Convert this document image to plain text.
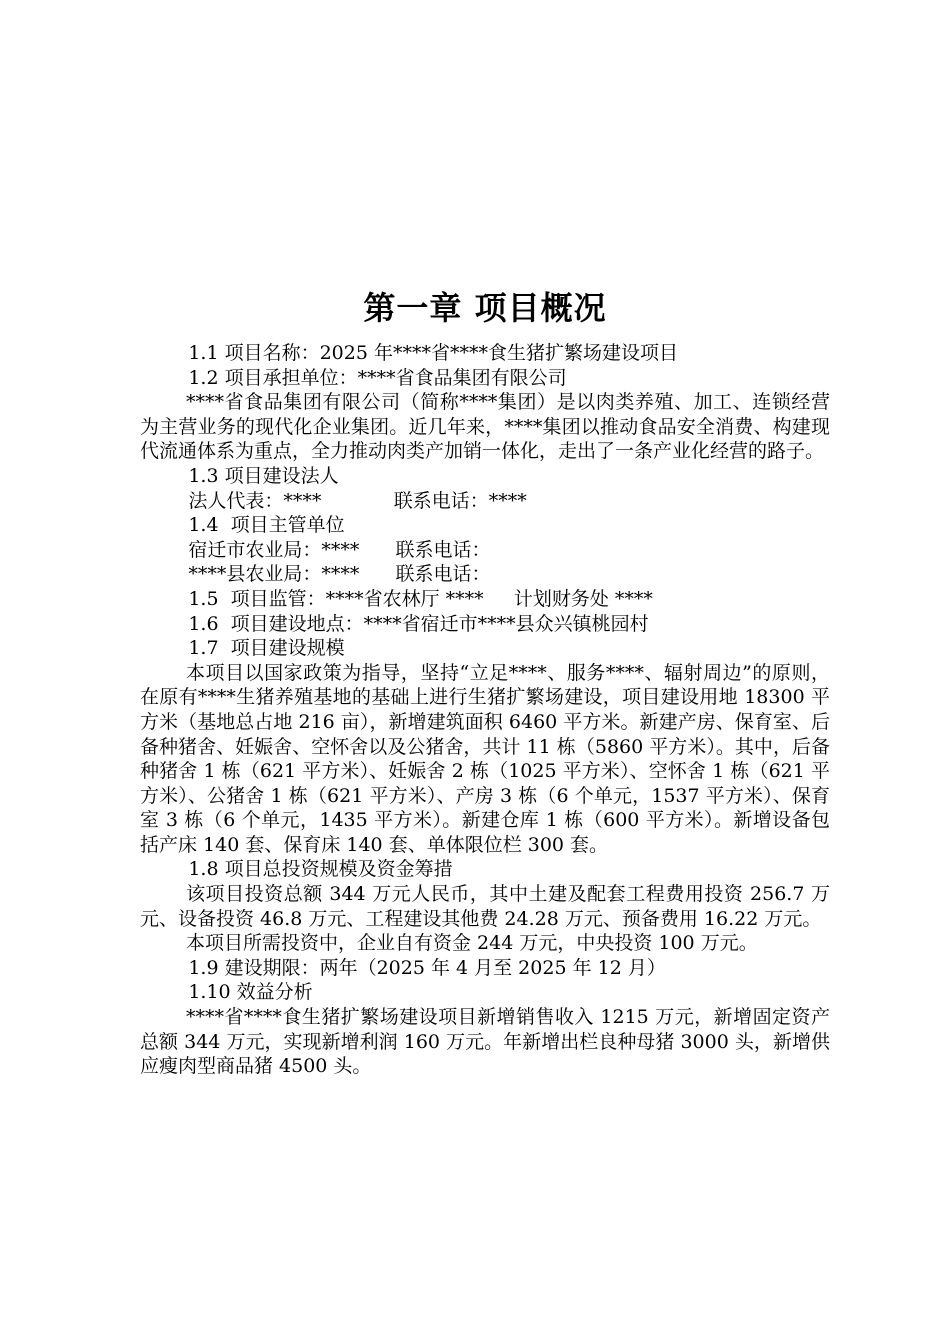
第一章 项目概况

1.1 项目名称：2025 年****省****食生猪扩繁场建设项目

1.2 项目承担单位：****省食品集团有限公司

****省食品集团有限公司（简称****集团）是以肉类养殖、加工、连锁经营为主营业务的现代化企业集团。近几年来，****集团以推动食品安全消费、构建现代流通体系为重点，全力推动肉类产加销一体化，走出了一条产业化经营的路子。

1.3 项目建设法人

法人代表：****            联系电话：****

1.4  项目主管单位

宿迁市农业局：****      联系电话：

****县农业局：****      联系电话：

1.5  项目监管：****省农林厅 ****     计划财务处 ****

1.6  项目建设地点：****省宿迁市****县众兴镇桃园村

1.7  项目建设规模

本项目以国家政策为指导，坚持“立足****、服务****、辐射周边”的原则，在原有****生猪养殖基地的基础上进行生猪扩繁场建设，项目建设用地 18300 平方米（基地总占地 216 亩），新增建筑面积 6460 平方米。新建产房、保育室、后备种猪舍、妊娠舍、空怀舍以及公猪舍，共计 11 栋（5860 平方米）。其中，后备种猪舍 1 栋（621 平方米）、妊娠舍 2 栋（1025 平方米）、空怀舍 1 栋（621 平方米）、公猪舍 1 栋（621 平方米）、产房 3 栋（6 个单元，1537 平方米）、保育室 3 栋（6 个单元，1435 平方米）。新建仓库 1 栋（600 平方米）。新增设备包括产床 140 套、保育床 140 套、单体限位栏 300 套。

1.8 项目总投资规模及资金筹措

该项目投资总额 344 万元人民币，其中土建及配套工程费用投资 256.7 万元、设备投资 46.8 万元、工程建设其他费 24.28 万元、预备费用 16.22 万元。

本项目所需投资中，企业自有资金 244 万元，中央投资 100 万元。

1.9 建设期限：两年（2025 年 4 月至 2025 年 12 月）

1.10 效益分析

****省****食生猪扩繁场建设项目新增销售收入 1215 万元，新增固定资产总额 344 万元，实现新增利润 160 万元。年新增出栏良种母猪 3000 头，新增供应瘦肉型商品猪 4500 头。
